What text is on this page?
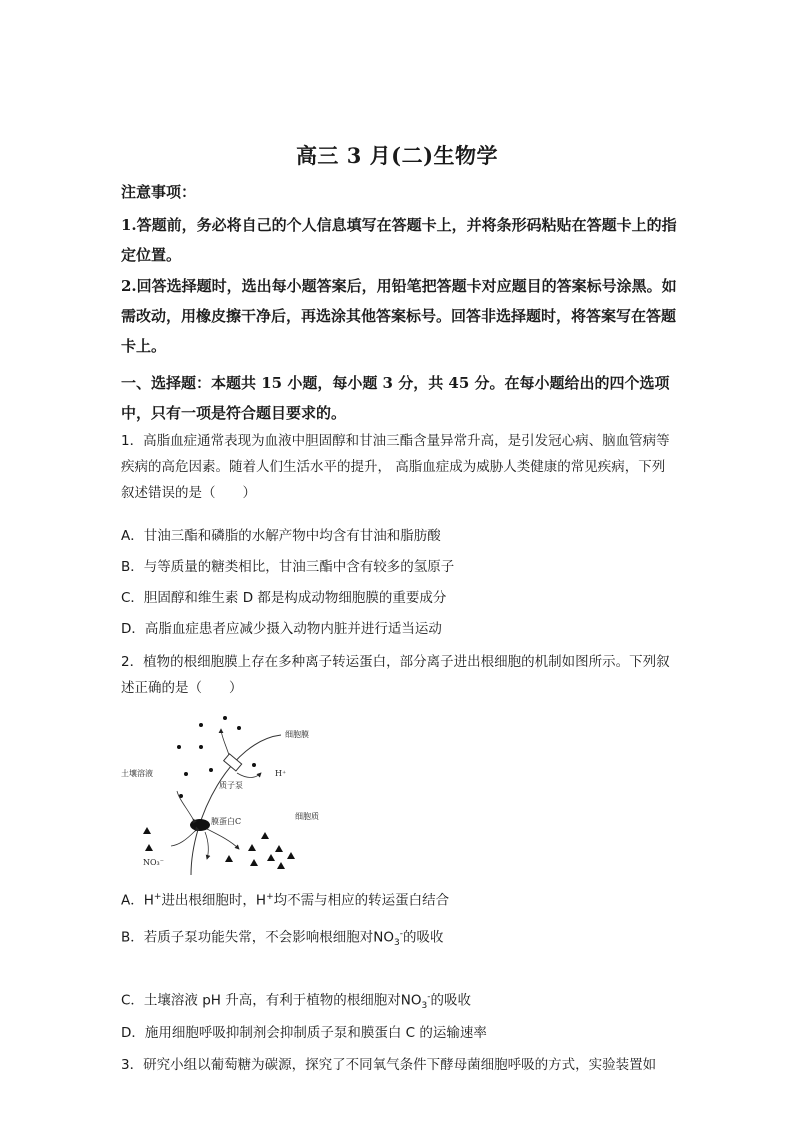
高三 3 月(二)生物学
注意事项：
1.答题前，务必将自己的个人信息填写在答题卡上，并将条形码粘贴在答题卡上的指定位置。
2.回答选择题时，选出每小题答案后，用铅笔把答题卡对应题目的答案标号涂黑。如需改动，用橡皮擦干净后，再选涂其他答案标号。回答非选择题时，将答案写在答题卡上。
一、选择题：本题共 15 小题，每小题 3 分，共 45 分。在每小题给出的四个选项中，只有一项是符合题目要求的。
1．高脂血症通常表现为血液中胆固醇和甘油三酯含量异常升高，是引发冠心病、脑血管病等疾病的高危因素。随着人们生活水平的提升， 高脂血症成为威胁人类健康的常见疾病，下列叙述错误的是（　　）
A．甘油三酯和磷脂的水解产物中均含有甘油和脂肪酸
B．与等质量的糖类相比，甘油三酯中含有较多的氢原子
C．胆固醇和维生素 D 都是构成动物细胞膜的重要成分
D．高脂血症患者应减少摄入动物内脏并进行适当运动
2．植物的根细胞膜上存在多种离子转运蛋白，部分离子进出根细胞的机制如图所示。下列叙述正确的是（　　）
细胞膜
土壤溶液	H⁺
质子泵
细胞质
膜蛋白C
NO₃⁻
A．H+进出根细胞时，H+均不需与相应的转运蛋白结合
B．若质子泵功能失常，不会影响根细胞对$NO_3^-$的吸收
C．土壤溶液 pH 升高，有利于植物的根细胞对$NO_3^-$的吸收
D．施用细胞呼吸抑制剂会抑制质子泵和膜蛋白 C 的运输速率
3．研究小组以葡萄糖为碳源，探究了不同氧气条件下酵母菌细胞呼吸的方式，实验装置如
